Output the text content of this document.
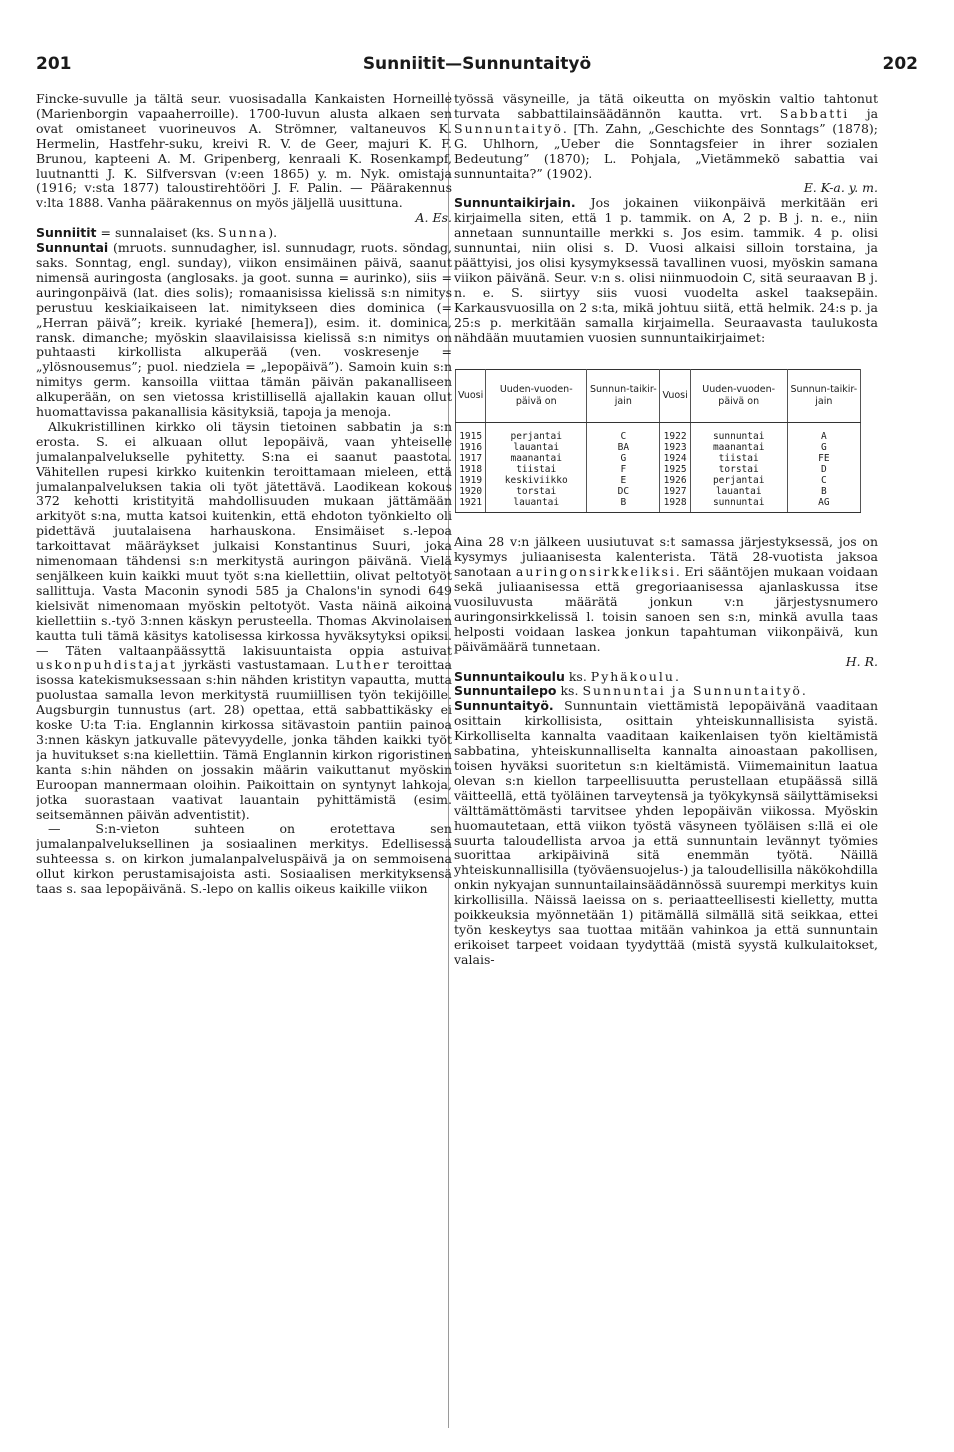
201	Sunniitit—Sunnuntaityö	202

Fincke-suvulle ja tältä seur. vuosisadalla Kankaisten Horneille (Marienborgin vapaaherroille). 1700-luvun alusta alkaen sen ovat omistaneet vuorineuvos A. Strömner, valtaneuvos K. Hermelin, Hastfehr-suku, kreivi R. V. de Geer, majuri K. F. Brunou, kapteeni A. M. Gripenberg, kenraali K. Rosenkampf, luutnantti J. K. Silfversvan (v:een 1865) y. m. Nyk. omistaja (1916; v:sta 1877) taloustirehtööri J. F. Palin. — Päärakennus v:lta 1888. Vanha päärakennus on myös jäljellä uusittuna.
A. Es.

Sunniitit = sunnalaiset (ks. Sunna).

Sunnuntai (mruots. sunnudagher, isl. sunnudagr, ruots. söndag, saks. Sonntag, engl. sunday), viikon ensimäinen päivä, saanut nimensä auringosta (anglosaks. ja goot. sunna = aurinko), siis = auringonpäivä (lat. dies solis); romaanisissa kielissä s:n nimitys perustuu keskiaikaiseen lat. nimitykseen dies dominica (= „Herran päivä”; kreik. kyriaké [hemera]), esim. it. dominica, ransk. dimanche; myöskin slaavilaisissa kielissä s:n nimitys on puhtaasti kirkollista alkuperää (ven. voskresenje = „ylösnousemus”; puol. niedziela = „lepopäivä”). Samoin kuin s:n nimitys germ. kansoilla viittaa tämän päivän pakanalliseen alkuperään, on sen vietossa kristillisellä ajallakin kauan ollut huomattavissa pakanallisia käsityksiä, tapoja ja menoja.

Alkukristillinen kirkko oli täysin tietoinen sabbatin ja s:n erosta. S. ei alkuaan ollut lepopäivä, vaan yhteiselle jumalanpalvelukselle pyhitetty. S:na ei saanut paastota. Vähitellen rupesi kirkko kuitenkin teroittamaan mieleen, että jumalanpalveluksen takia oli työt jätettävä. Laodikean kokous 372 kehotti kristityitä mahdollisuuden mukaan jättämään arkityöt s:na, mutta katsoi kuitenkin, että ehdoton työnkielto oli pidettävä juutalaisena harhauskona. Ensimäiset s.-lepoa tarkoittavat määräykset julkaisi Konstantinus Suuri, joka nimenomaan tähdensi s:n merkitystä auringon päivänä. Vielä senjälkeen kuin kaikki muut työt s:na kiellettiin, olivat peltotyöt sallittuja. Vasta Maconin synodi 585 ja Chalons'in synodi 649 kielsivät nimenomaan myöskin peltotyöt. Vasta näinä aikoina kiellettiin s.-työ 3:nnen käskyn perusteella. Thomas Akvinolaisen kautta tuli tämä käsitys katolisessa kirkossa hyväksytyksi opiksi. — Täten valtaanpäässyttä lakisuuntaista oppia astuivat uskonpuhdistajat jyrkästi vastustamaan. Luther teroittaa isossa katekismuksessaan s:hin nähden kristityn vapautta, mutta puolustaa samalla levon merkitystä ruumiillisen työn tekijöille. Augsburgin tunnustus (art. 28) opettaa, että sabbattikäsky ei koske U:ta T:ia. Englannin kirkossa sitävastoin pantiin painoa 3:nnen käskyn jatkuvalle pätevyydelle, jonka tähden kaikki työt ja huvitukset s:na kiellettiin. Tämä Englannin kirkon rigoristinen kanta s:hin nähden on jossakin määrin vaikuttanut myöskin Euroopan mannermaan oloihin. Paikoittain on syntynyt lahkoja, jotka suorastaan vaativat lauantain pyhittämistä (esim. seitsemännen päivän adventistit).

— S:n-vieton suhteen on erotettava sen jumalanpalveluksellinen ja sosiaalinen merkitys. Edellisessä suhteessa s. on kirkon jumalanpalveluspäivä ja on semmoisena ollut kirkon perustamisajoista asti. Sosiaalisen merkityksensä taas s. saa lepopäivänä. S.-lepo on kallis oikeus kaikille viikon

työssä väsyneille, ja tätä oikeutta on myöskin valtio tahtonut turvata sabbattilainsäädännön kautta. vrt. Sabbatti ja Sunnuntaityö. [Th. Zahn, „Geschichte des Sonntags” (1878); G. Uhlhorn, „Ueber die Sonntagsfeier in ihrer sozialen Bedeutung” (1870); L. Pohjala, „Vietämmekö sabattia vai sunnuntaita?” (1902).
E. K-a. y. m.

Sunnuntaikirjain. Jos jokainen viikonpäivä merkitään eri kirjaimella siten, että 1 p. tammik. on A, 2 p. B j. n. e., niin annetaan sunnuntaille merkki s. Jos esim. tammik. 4 p. olisi sunnuntai, niin olisi s. D. Vuosi alkaisi silloin torstaina, ja päättyisi, jos olisi kysymyksessä tavallinen vuosi, myöskin samana viikon päivänä. Seur. v:n s. olisi niinmuodoin C, sitä seuraavan B j. n. e. S. siirtyy siis vuosi vuodelta askel taaksepäin. Karkausvuosilla on 2 s:ta, mikä johtuu siitä, että helmik. 24:s p. ja 25:s p. merkitään samalla kirjaimella. Seuraavasta taulukosta nähdään muutamien vuosien sunnuntaikirjaimet:

Vuosi	Uuden-vuoden-päivä on	Sunnun-taikir-jain	Vuosi	Uuden-vuoden-päivä on	Sunnun-taikir-jain
1915	perjantai	C	1922	sunnuntai	A
1916	lauantai	BA	1923	maanantai	G
1917	maanantai	G	1924	tiistai	FE
1918	tiistai	F	1925	torstai	D
1919	keskiviikko	E	1926	perjantai	C
1920	torstai	DC	1927	lauantai	B
1921	lauantai	B	1928	sunnuntai	AG

Aina 28 v:n jälkeen uusiutuvat s:t samassa järjestyksessä, jos on kysymys juliaanisesta kalenterista. Tätä 28-vuotista jaksoa sanotaan auringonsirkkeliksi. Eri sääntöjen mukaan voidaan sekä juliaanisessa että gregoriaanisessa ajanlaskussa itse vuosiluvusta määrätä jonkun v:n järjestysnumero auringonsirkkelissä l. toisin sanoen sen s:n, minkä avulla taas helposti voidaan laskea jonkun tapahtuman viikonpäivä, kun päivämäärä tunnetaan.
H. R.

Sunnuntaikoulu ks. Pyhäkoulu.

Sunnuntailepo ks. Sunnuntai ja Sunnuntaityö.

Sunnuntaityö. Sunnuntain viettämistä lepopäivänä vaaditaan osittain kirkollisista, osittain yhteiskunnallisista syistä. Kirkolliselta kannalta vaaditaan kaikenlaisen työn kieltämistä sabbatina, yhteiskunnalliselta kannalta ainoastaan pakollisen, toisen hyväksi suoritetun s:n kieltämistä. Viimemainitun laatua olevan s:n kiellon tarpeellisuutta perustellaan etupäässä sillä väitteellä, että työläinen tarveytensä ja työkykynsä säilyttämiseksi välttämättömästi tarvitsee yhden lepopäivän viikossa. Myöskin huomautetaan, että viikon työstä väsyneen työläisen s:llä ei ole suurta taloudellista arvoa ja että sunnuntain levännyt työmies suorittaa arkipäivinä sitä enemmän työtä. Näillä yhteiskunnallisilla (työväensuojelus-) ja taloudellisilla näkökohdilla onkin nykyajan sunnuntailainsäädännössä suurempi merkitys kuin kirkollisilla. Näissä laeissa on s. periaatteellisesti kielletty, mutta poikkeuksia myönnetään 1) pitämällä silmällä sitä seikkaa, ettei työn keskeytys saa tuottaa mitään vahinkoa ja että sunnuntain erikoiset tarpeet voidaan tyydyttää (mistä syystä kulkulaitokset, valais-
